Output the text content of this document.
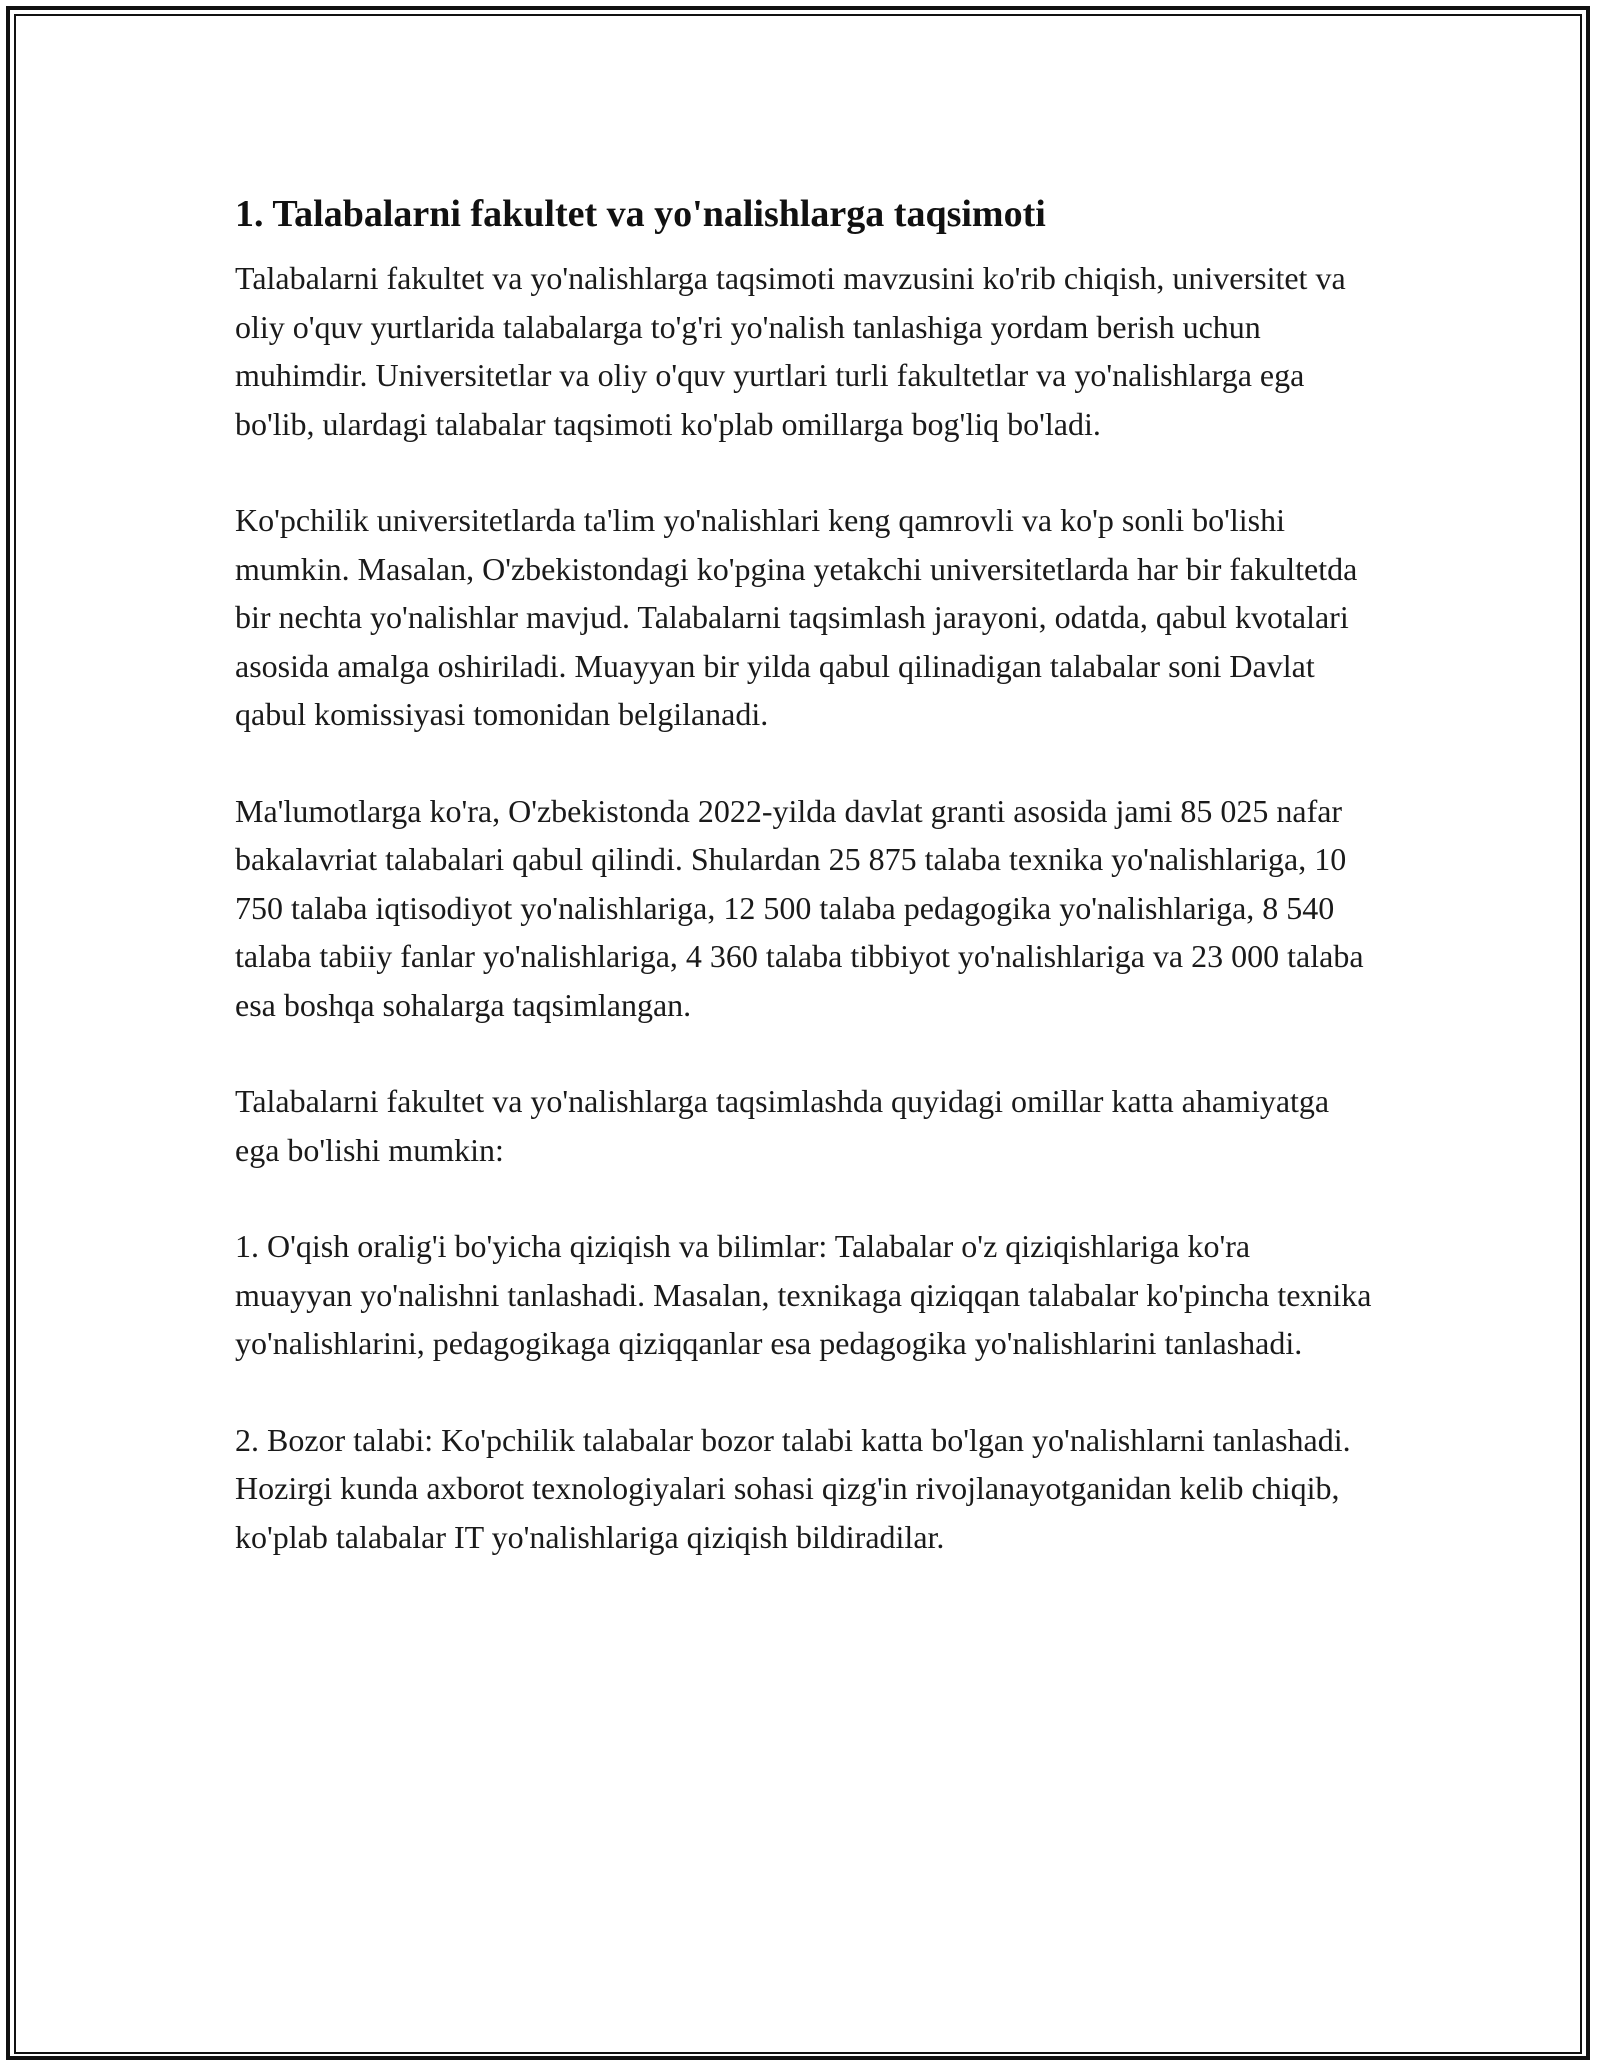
1. Talabalarni fakultet va yo'nalishlarga taqsimoti

Talabalarni fakultet va yo'nalishlarga taqsimoti mavzusini ko'rib chiqish, universitet va oliy o'quv yurtlarida talabalarga to'g'ri yo'nalish tanlashiga yordam berish uchun muhimdir. Universitetlar va oliy o'quv yurtlari turli fakultetlar va yo'nalishlarga ega bo'lib, ulardagi talabalar taqsimoti ko'plab omillarga bog'liq bo'ladi.

Ko'pchilik universitetlarda ta'lim yo'nalishlari keng qamrovli va ko'p sonli bo'lishi mumkin. Masalan, O'zbekistondagi ko'pgina yetakchi universitetlarda har bir fakultetda bir nechta yo'nalishlar mavjud. Talabalarni taqsimlash jarayoni, odatda, qabul kvotalari asosida amalga oshiriladi. Muayyan bir yilda qabul qilinadigan talabalar soni Davlat qabul komissiyasi tomonidan belgilanadi.

Ma'lumotlarga ko'ra, O'zbekistonda 2022-yilda davlat granti asosida jami 85 025 nafar bakalavriat talabalari qabul qilindi. Shulardan 25 875 talaba texnika yo'nalishlariga, 10 750 talaba iqtisodiyot yo'nalishlariga, 12 500 talaba pedagogika yo'nalishlariga, 8 540 talaba tabiiy fanlar yo'nalishlariga, 4 360 talaba tibbiyot yo'nalishlariga va 23 000 talaba esa boshqa sohalarga taqsimlangan.

Talabalarni fakultet va yo'nalishlarga taqsimlashda quyidagi omillar katta ahamiyatga ega bo'lishi mumkin:

1. O'qish oralig'i bo'yicha qiziqish va bilimlar: Talabalar o'z qiziqishlariga ko'ra muayyan yo'nalishni tanlashadi. Masalan, texnikaga qiziqqan talabalar ko'pincha texnika yo'nalishlarini, pedagogikaga qiziqqanlar esa pedagogika yo'nalishlarini tanlashadi.

2. Bozor talabi: Ko'pchilik talabalar bozor talabi katta bo'lgan yo'nalishlarni tanlashadi. Hozirgi kunda axborot texnologiyalari sohasi qizg'in rivojlanayotganidan kelib chiqib, ko'plab talabalar IT yo'nalishlariga qiziqish bildiradilar.
